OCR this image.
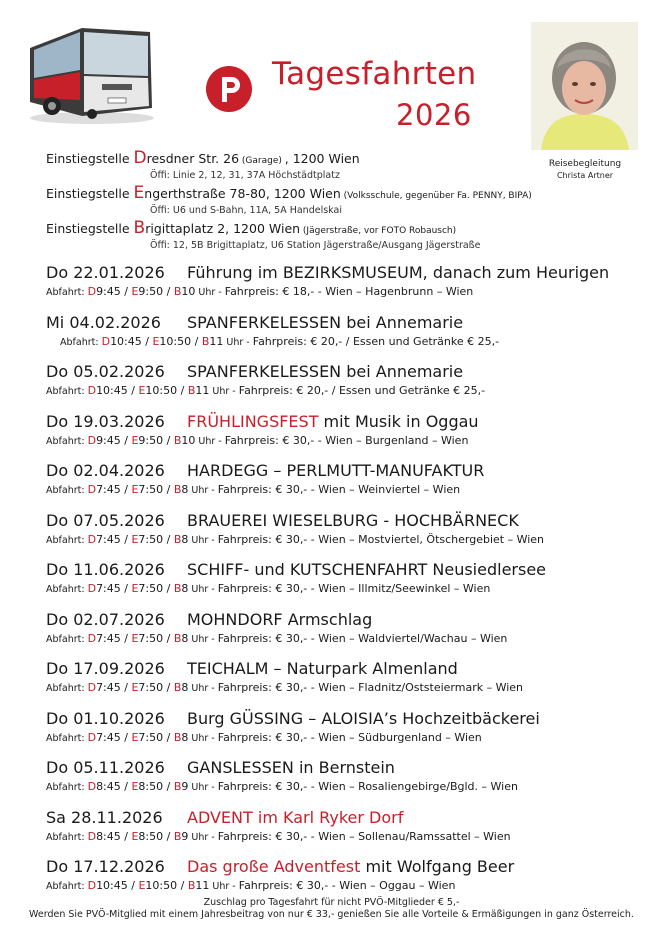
Tagesfahrten
2026
Reisebegleitung
Christa Artner
Einstiegstelle Dresdner Str. 26 (Garage) , 1200 Wien
Öffi: Linie 2, 12, 31, 37A Höchstädtplatz
Einstiegstelle Engerthstraße 78-80, 1200 Wien (Volksschule, gegenüber Fa. PENNY, BIPA)
Öffi: U6 und S-Bahn, 11A, 5A Handelskai
Einstiegstelle Brigittaplatz 2, 1200 Wien (Jägerstraße, vor FOTO Robausch)
Öffi: 12, 5B Brigittaplatz, U6 Station Jägerstraße/Ausgang Jägerstraße
Do 22.01.2026 Führung im BEZIRKSMUSEUM, danach zum Heurigen
Abfahrt: D9:45 / E9:50 / B10 Uhr - Fahrpreis: € 18,- - Wien – Hagenbrunn – Wien
Mi 04.02.2026 SPANFERKELESSEN bei Annemarie
Abfahrt: D10:45 / E10:50 / B11 Uhr - Fahrpreis: € 20,- / Essen und Getränke € 25,-
Do 05.02.2026 SPANFERKELESSEN bei Annemarie
Abfahrt: D10:45 / E10:50 / B11 Uhr - Fahrpreis: € 20,- / Essen und Getränke € 25,-
Do 19.03.2026 FRÜHLINGSFEST mit Musik in Oggau
Abfahrt: D9:45 / E9:50 / B10 Uhr - Fahrpreis: € 30,- - Wien – Burgenland – Wien
Do 02.04.2026 HARDEGG – PERLMUTT-MANUFAKTUR
Abfahrt: D7:45 / E7:50 / B8 Uhr - Fahrpreis: € 30,- - Wien – Weinviertel – Wien
Do 07.05.2026 BRAUEREI WIESELBURG - HOCHBÄRNECK
Abfahrt: D7:45 / E7:50 / B8 Uhr - Fahrpreis: € 30,- - Wien – Mostviertel, Ötschergebiet – Wien
Do 11.06.2026 SCHIFF- und KUTSCHENFAHRT Neusiedlersee
Abfahrt: D7:45 / E7:50 / B8 Uhr - Fahrpreis: € 30,- - Wien – Illmitz/Seewinkel – Wien
Do 02.07.2026 MOHNDORF Armschlag
Abfahrt: D7:45 / E7:50 / B8 Uhr - Fahrpreis: € 30,- - Wien – Waldviertel/Wachau – Wien
Do 17.09.2026 TEICHALM – Naturpark Almenland
Abfahrt: D7:45 / E7:50 / B8 Uhr - Fahrpreis: € 30,- - Wien – Fladnitz/Oststeiermark – Wien
Do 01.10.2026 Burg GÜSSING – ALOISIA’s Hochzeitbäckerei
Abfahrt: D7:45 / E7:50 / B8 Uhr - Fahrpreis: € 30,- - Wien – Südburgenland – Wien
Do 05.11.2026 GANSLESSEN in Bernstein
Abfahrt: D8:45 / E8:50 / B9 Uhr - Fahrpreis: € 30,- - Wien – Rosaliengebirge/Bgld. – Wien
Sa 28.11.2026 ADVENT im Karl Ryker Dorf
Abfahrt: D8:45 / E8:50 / B9 Uhr - Fahrpreis: € 30,- - Wien – Sollenau/Ramssattel – Wien
Do 17.12.2026 Das große Adventfest mit Wolfgang Beer
Abfahrt: D10:45 / E10:50 / B11 Uhr - Fahrpreis: € 30,- - Wien – Oggau – Wien
Zuschlag pro Tagesfahrt für nicht PVÖ-Mitglieder € 5,-
Werden Sie PVÖ-Mitglied mit einem Jahresbeitrag von nur € 33,- genießen Sie alle Vorteile & Ermäßigungen in ganz Österreich.
